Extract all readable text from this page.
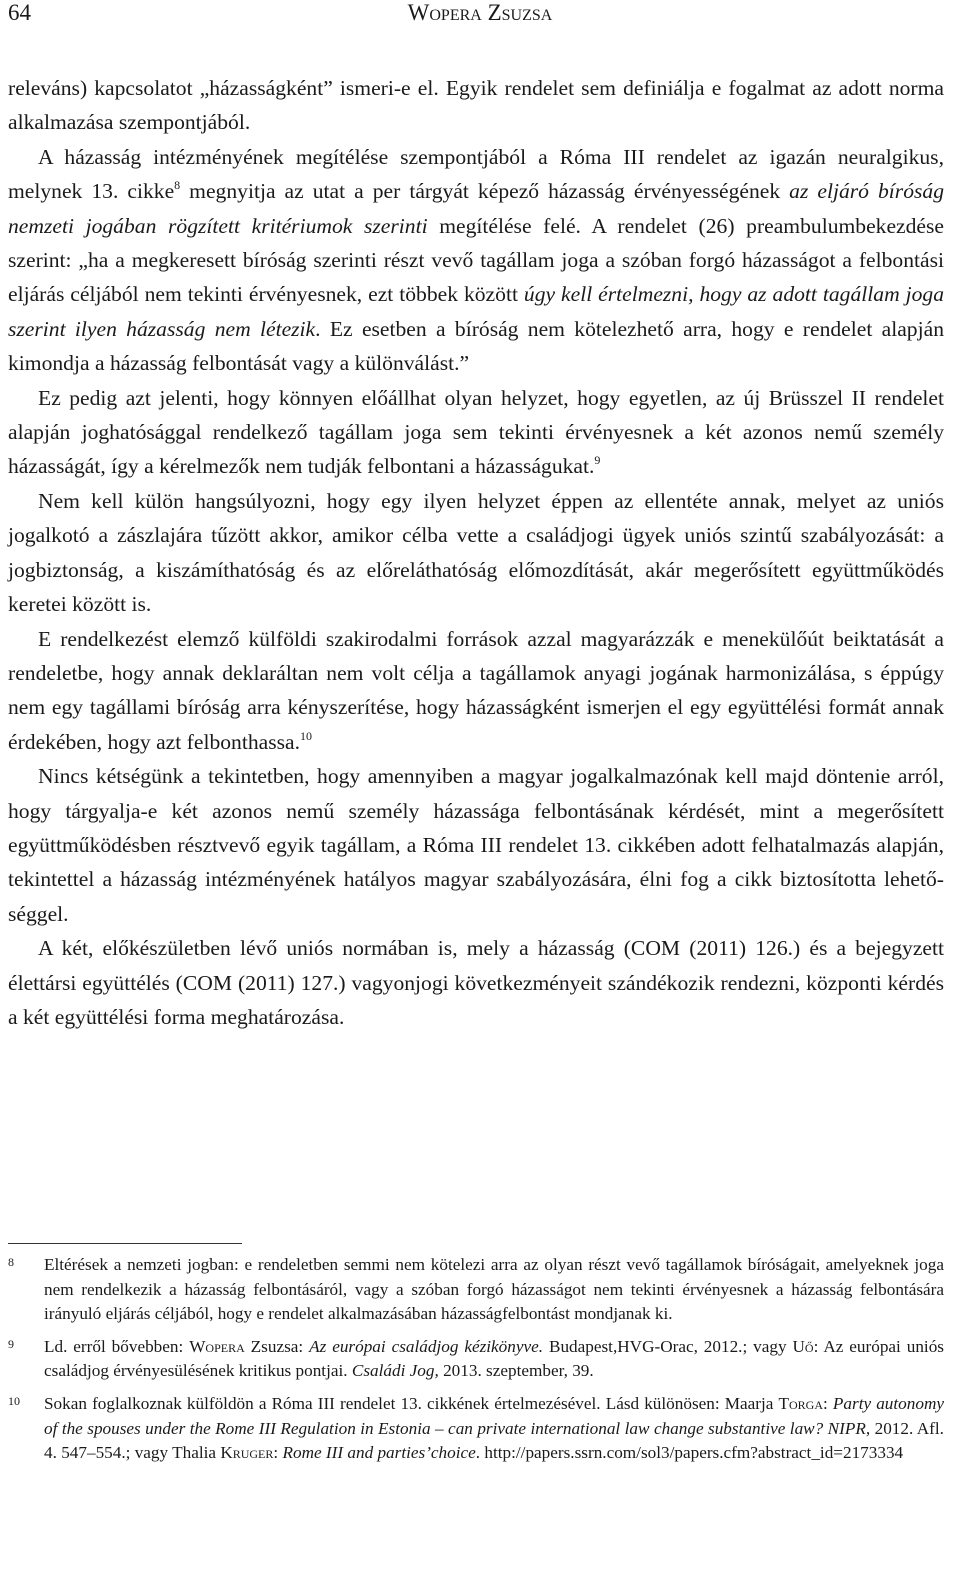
64	Wopera Zsuzsa

releváns) kapcsolatot „házasságként” ismeri-e el. Egyik rendelet sem definiálja e fogalmat az adott norma alkalmazása szempontjából.

A házasság intézményének megítélése szempontjából a Róma III rendelet az igazán neuralgikus, melynek 13. cikke$^8$ megnyitja az utat a per tárgyát képező házasság érvényességének az eljáró bíróság nemzeti jogában rögzített kritériumok szerinti megítélése felé. A rendelet (26) preambulumbekezdése szerint: „ha a megkeresett bíróság szerinti részt vevő tagállam joga a szóban forgó házasságot a felbontási eljárás céljából nem tekinti érvényesnek, ezt többek között úgy kell értelmezni, hogy az adott tagállam joga szerint ilyen házasság nem létezik. Ez esetben a bíróság nem kötelezhető arra, hogy e rendelet alapján kimondja a házasság felbontását vagy a különválást.”

Ez pedig azt jelenti, hogy könnyen előállhat olyan helyzet, hogy egyetlen, az új Brüsszel II rendelet alapján joghatósággal rendelkező tagállam joga sem tekinti érvényesnek a két azonos nemű személy házasságát, így a kérelmezők nem tudják felbontani a házasságukat.$^9$

Nem kell külön hangsúlyozni, hogy egy ilyen helyzet éppen az ellentéte annak, melyet az uniós jogalkotó a zászlajára tűzött akkor, amikor célba vette a családjogi ügyek uniós szintű szabályozását: a jogbiztonság, a kiszámíthatóság és az előreláthatóság előmozdítását, akár megerősített együttműködés keretei között is.

E rendelkezést elemző külföldi szakirodalmi források azzal magyarázzák e menekülőút beiktatását a rendeletbe, hogy annak deklaráltan nem volt célja a tagállamok anyagi jogának harmonizálása, s éppúgy nem egy tagállami bíróság arra kényszerítése, hogy házasságként ismerjen el egy együttélési formát annak érdekében, hogy azt felbonthassa.$^{10}$

Nincs kétségünk a tekintetben, hogy amennyiben a magyar jogalkalmazónak kell majd döntenie arról, hogy tárgyalja-e két azonos nemű személy házassága felbontásának kérdését, mint a megerősített együttműködésben résztvevő egyik tagállam, a Róma III rendelet 13. cikkében adott felhatalmazás alapján, tekintettel a házasság intézményének hatályos magyar szabályozására, élni fog a cikk biztosította lehetőséggel.

A két, előkészületben lévő uniós normában is, mely a házasság (COM (2011) 126.) és a bejegyzett élettársi együttélés (COM (2011) 127.) vagyonjogi következményeit szándékozik rendezni, központi kérdés a két együttélési forma meghatározása.

8 Eltérések a nemzeti jogban: e rendeletben semmi nem kötelezi arra az olyan részt vevő tagállamok bíróságait, amelyeknek joga nem rendelkezik a házasság felbontásáról, vagy a szóban forgó házasságot nem tekinti érvényesnek a házasság felbontására irányuló eljárás céljából, hogy e rendelet alkalmazásában házasságfelbontást mondjanak ki.
9 Ld. erről bővebben: Wopera Zsuzsa: Az európai családjog kézikönyve. Budapest,HVG-Orac, 2012.; vagy Uő: Az európai uniós családjog érvényesülésének kritikus pontjai. Családi Jog, 2013. szeptember, 39.
10 Sokan foglalkoznak külföldön a Róma III rendelet 13. cikkének értelmezésével. Lásd különösen: Maarja Torga: Party autonomy of the spouses under the Rome III Regulation in Estonia – can private international law change substantive law? NIPR, 2012. Afl. 4. 547–554.; vagy Thalia Kruger: Rome III and parties’choice. http://papers.ssrn.com/sol3/papers.cfm?abstract_id=2173334
